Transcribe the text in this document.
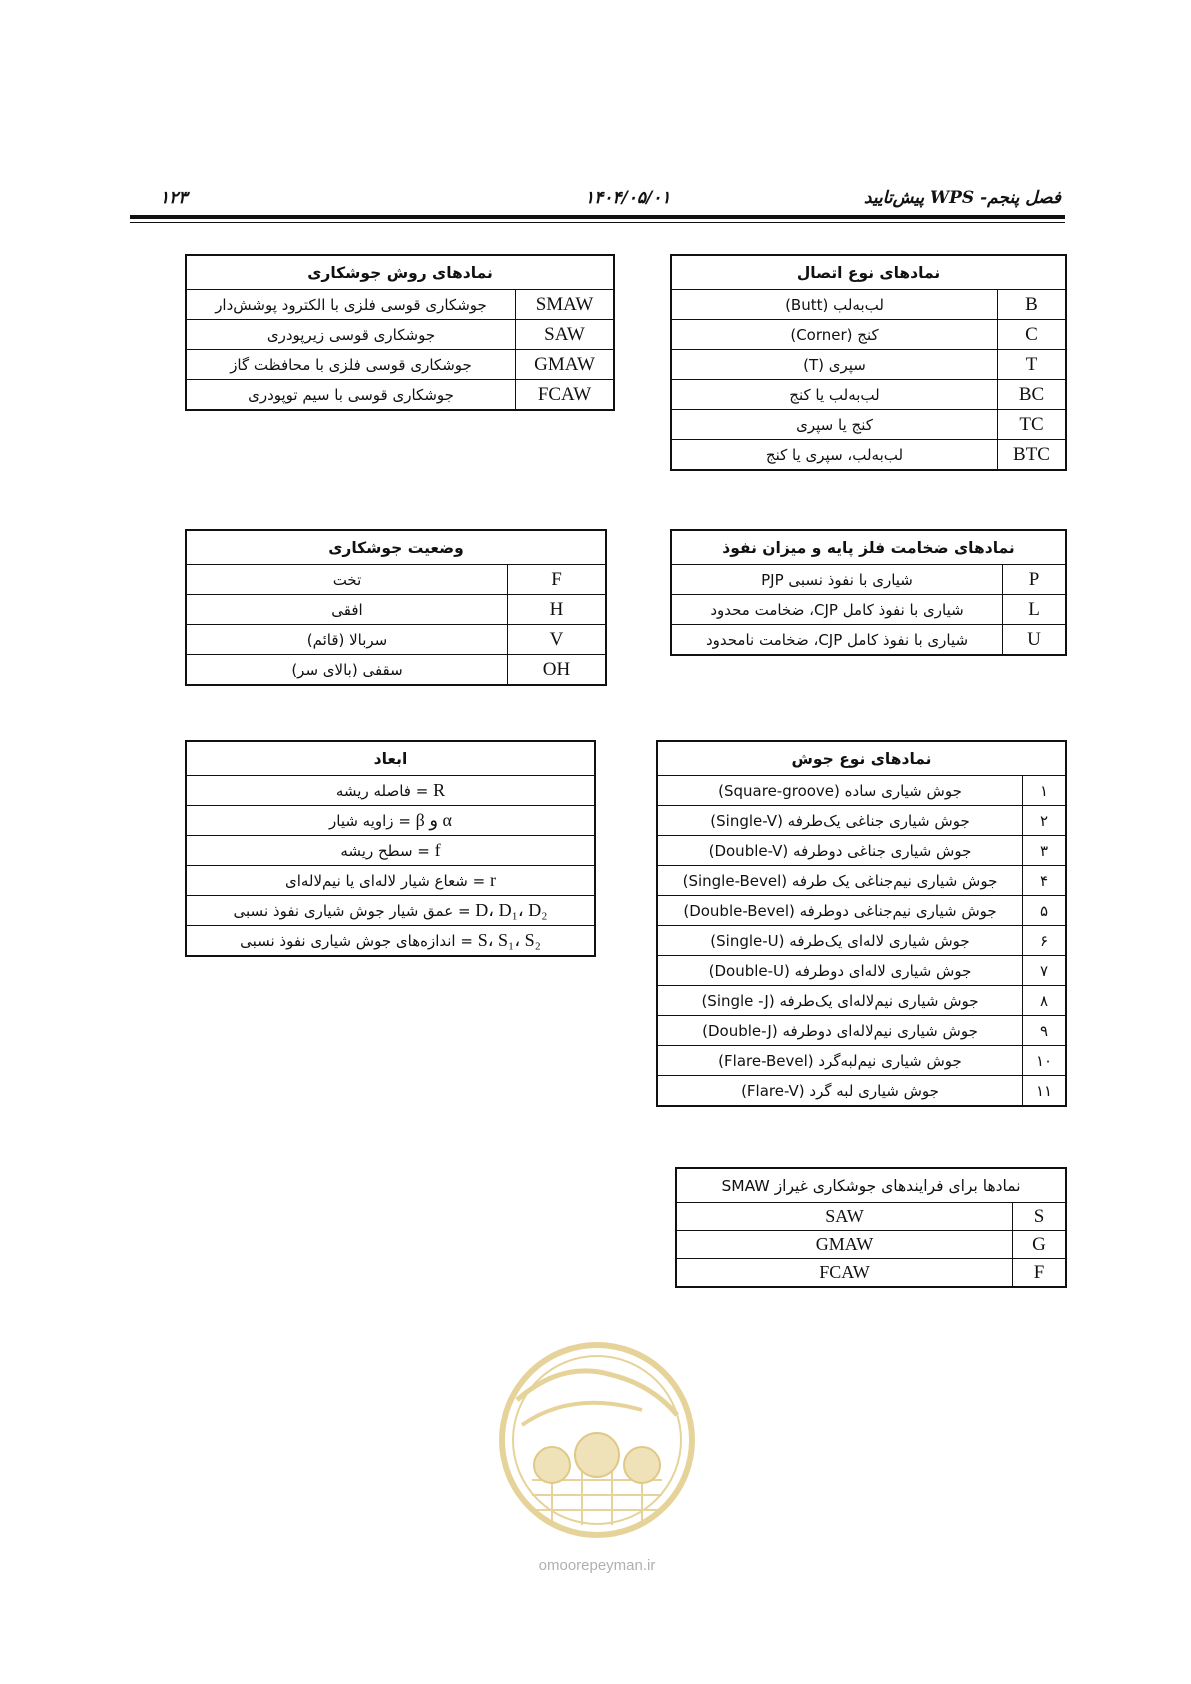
فصل پنجم- WPS پیش‌تایید
۱۴۰۴/۰۵/۰۱
۱۲۳
نمادهای نوع اتصال	
B	لب‌به‌لب (Butt)
C	کنج (Corner)
T	سپری (T)
BC	لب‌به‌لب یا کنج
TC	کنج یا سپری
BTC	لب‌به‌لب، سپری یا کنج
نمادهای روش جوشکاری	
SMAW	جوشکاری قوسی فلزی با الکترود پوشش‌دار
SAW	جوشکاری قوسی زیرپودری
GMAW	جوشکاری قوسی فلزی با محافظت گاز
FCAW	جوشکاری قوسی با سیم توپودری
نمادهای ضخامت فلز پایه و میزان نفوذ	
P	شیاری با نفوذ نسبی PJP
L	شیاری با نفوذ کامل CJP، ضخامت محدود
U	شیاری با نفوذ کامل CJP، ضخامت نامحدود
وضعیت جوشکاری	
F	تخت
H	افقی
V	سربالا (قائم)
OH	سقفی (بالای سر)
نمادهای نوع جوش	
۱	جوش شیاری ساده (Square-groove)
۲	جوش شیاری جناغی یک‌طرفه (Single-V)
۳	جوش شیاری جناغی دوطرفه (Double-V)
۴	جوش شیاری نیم‌جناغی یک طرفه (Single-Bevel)
۵	جوش شیاری نیم‌جناغی دوطرفه (Double-Bevel)
۶	جوش شیاری لاله‌ای یک‌طرفه (Single-U)
۷	جوش شیاری لاله‌ای دوطرفه (Double-U)
۸	جوش شیاری نیم‌لاله‌ای یک‌طرفه (Single -J)
۹	جوش شیاری نیم‌لاله‌ای دوطرفه (Double-J)
۱۰	جوش شیاری نیم‌لبه‌گرد (Flare-Bevel)
۱۱	جوش شیاری لبه گرد (Flare-V)
ابعاد
R = فاصله ریشه
α و β = زاویه شیار
f = سطح ریشه
r = شعاع شیار لاله‌ای یا نیم‌لاله‌ای
D، D₁، D₂ = عمق شیار جوش شیاری نفوذ نسبی
S، S₁، S₂ = اندازه‌های جوش شیاری نفوذ نسبی
نمادها برای فرایندهای جوشکاری غیراز SMAW	
S	SAW
G	GMAW
F	FCAW
omoorepeyman.ir
